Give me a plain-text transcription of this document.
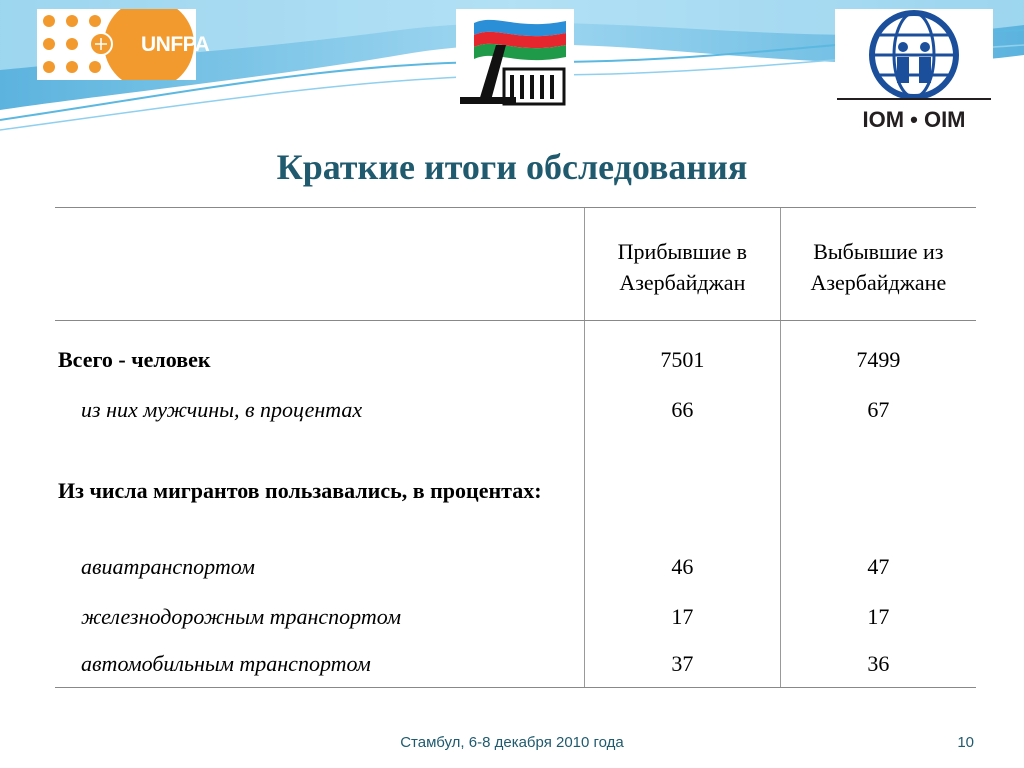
UNFPA
IOM • OIM
Краткие итоги обследования
	Прибывшие в Азербайджан	Выбывшие из Азербайджане
Всего - человек	7501	7499
из них мужчины, в процентах	66	67
Из числа мигрантов пользавались, в процентах:		
авиатранспортом	46	47
железнодорожным транспортом	17	17
автомобильным транспортом	37	36
Стамбул, 6-8 декабря 2010 года	10
